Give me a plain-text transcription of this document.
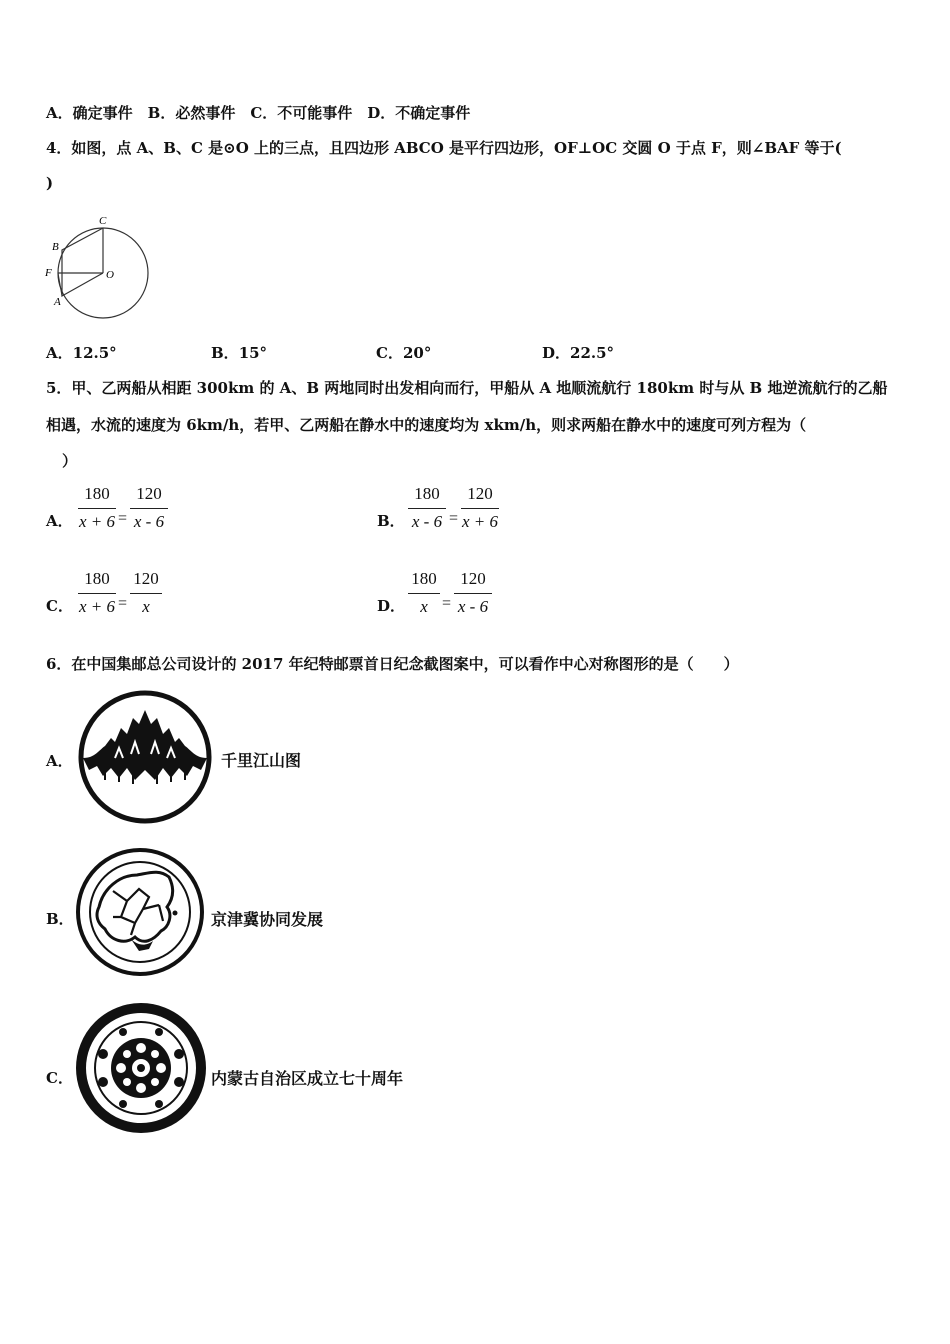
A．确定事件　B．必然事件　C．不可能事件　D．不确定事件
4．如图，点 A、B、C 是⊙O 上的三点，且四边形 ABCO 是平行四边形，OF⊥OC 交圆 O 于点 F，则∠BAF 等于(
)
C
B
F	O
A
A．12.5°	B．15°	C．20°	D．22.5°
5．甲、乙两船从相距 300km 的 A、B 两地同时出发相向而行，甲船从 A 地顺流航行 180km 时与从 B 地逆流航行的乙船
相遇，水流的速度为 6km/h，若甲、乙两船在静水中的速度均为 xkm/h，则求两船在静水中的速度可列方程为（
）
A．
180
x + 6 =
120
x - 6	B．
180
x - 6 =
120
x + 6
C．
180
x + 6 =
120
x	D．
180
x =
120
x - 6
6．在中国集邮总公司设计的 2017 年纪特邮票首日纪念截图案中，可以看作中心对称图形的是（　　）
A．	千里江山图
B．	京津冀协同发展
C．	内蒙古自治区成立七十周年
